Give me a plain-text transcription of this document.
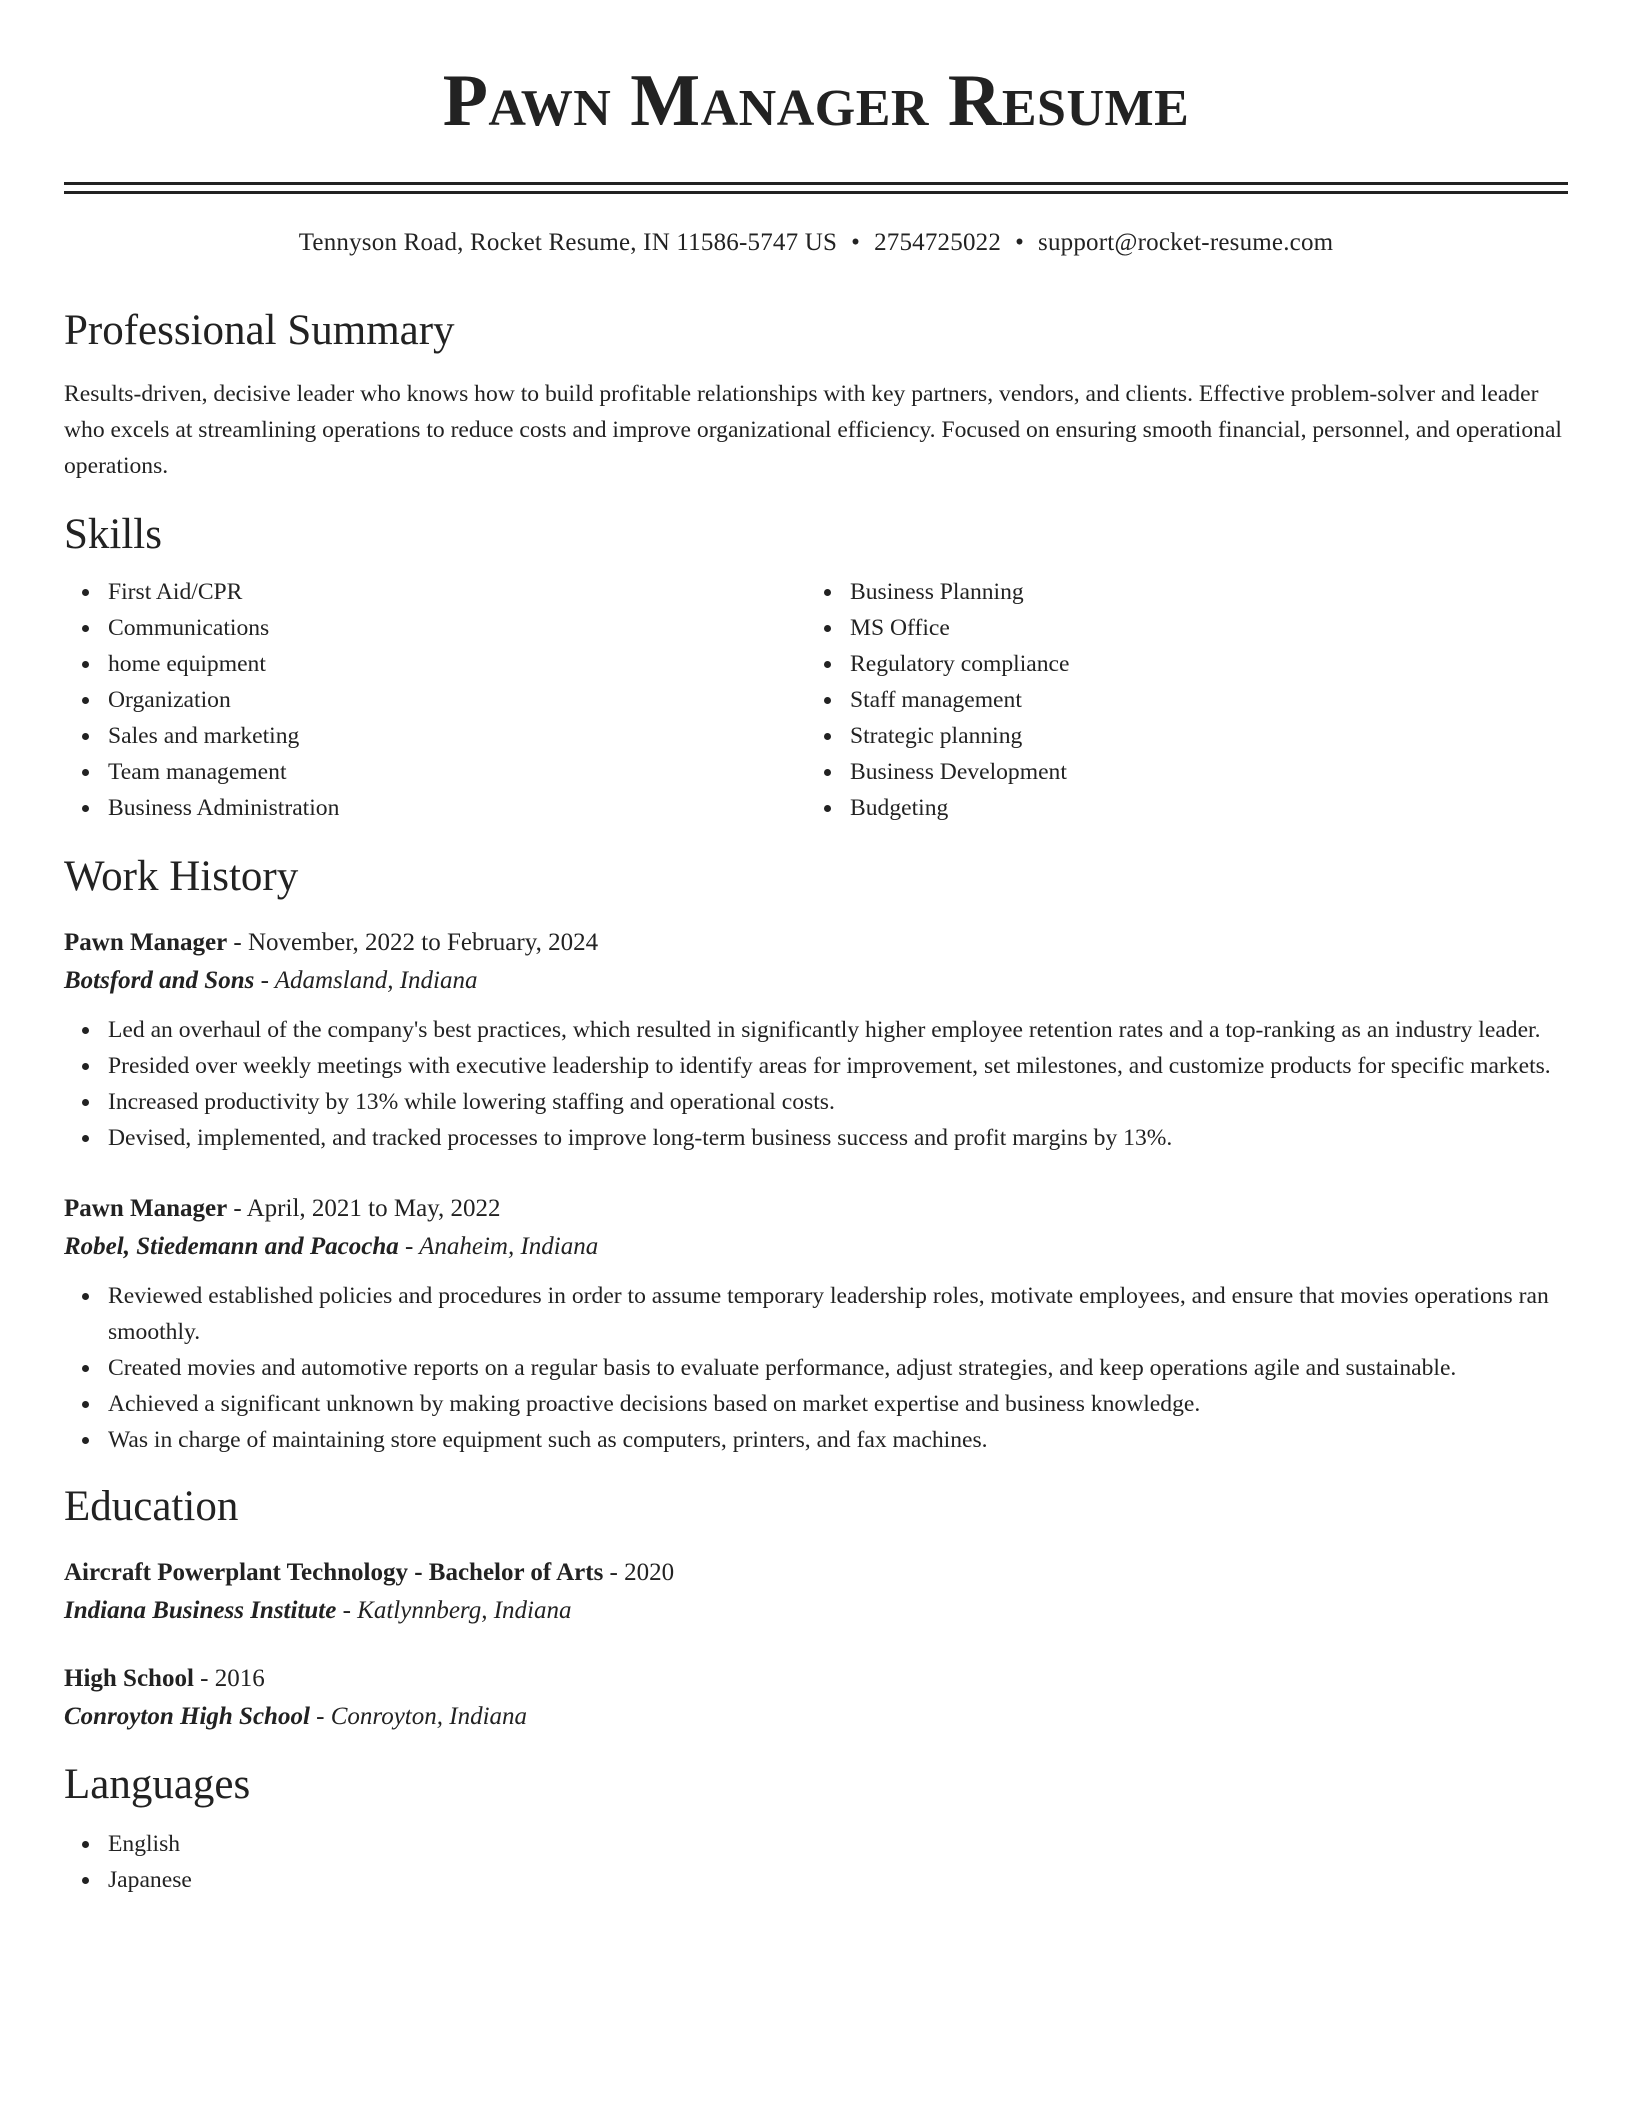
Pawn Manager Resume
Tennyson Road, Rocket Resume, IN 11586-5747 US • 2754725022 • support@rocket-resume.com
Professional Summary

Results-driven, decisive leader who knows how to build profitable relationships with key partners, vendors, and clients. Effective problem-solver and leader who excels at streamlining operations to reduce costs and improve organizational efficiency. Focused on ensuring smooth financial, personnel, and operational operations.

Skills
First Aid/CPR
Communications
home equipment
Organization
Sales and marketing
Team management
Business Administration
Business Planning
MS Office
Regulatory compliance
Staff management
Strategic planning
Business Development
Budgeting
Work History
Pawn Manager - November, 2022 to February, 2024
Botsford and Sons - Adamsland, Indiana
Led an overhaul of the company's best practices, which resulted in significantly higher employee retention rates and a top-ranking as an industry leader.
Presided over weekly meetings with executive leadership to identify areas for improvement, set milestones, and customize products for specific markets.
Increased productivity by 13% while lowering staffing and operational costs.
Devised, implemented, and tracked processes to improve long-term business success and profit margins by 13%.
Pawn Manager - April, 2021 to May, 2022
Robel, Stiedemann and Pacocha - Anaheim, Indiana
Reviewed established policies and procedures in order to assume temporary leadership roles, motivate employees, and ensure that movies operations ran smoothly.
Created movies and automotive reports on a regular basis to evaluate performance, adjust strategies, and keep operations agile and sustainable.
Achieved a significant unknown by making proactive decisions based on market expertise and business knowledge.
Was in charge of maintaining store equipment such as computers, printers, and fax machines.
Education
Aircraft Powerplant Technology - Bachelor of Arts - 2020
Indiana Business Institute - Katlynnberg, Indiana
High School - 2016
Conroyton High School - Conroyton, Indiana
Languages
English
Japanese
